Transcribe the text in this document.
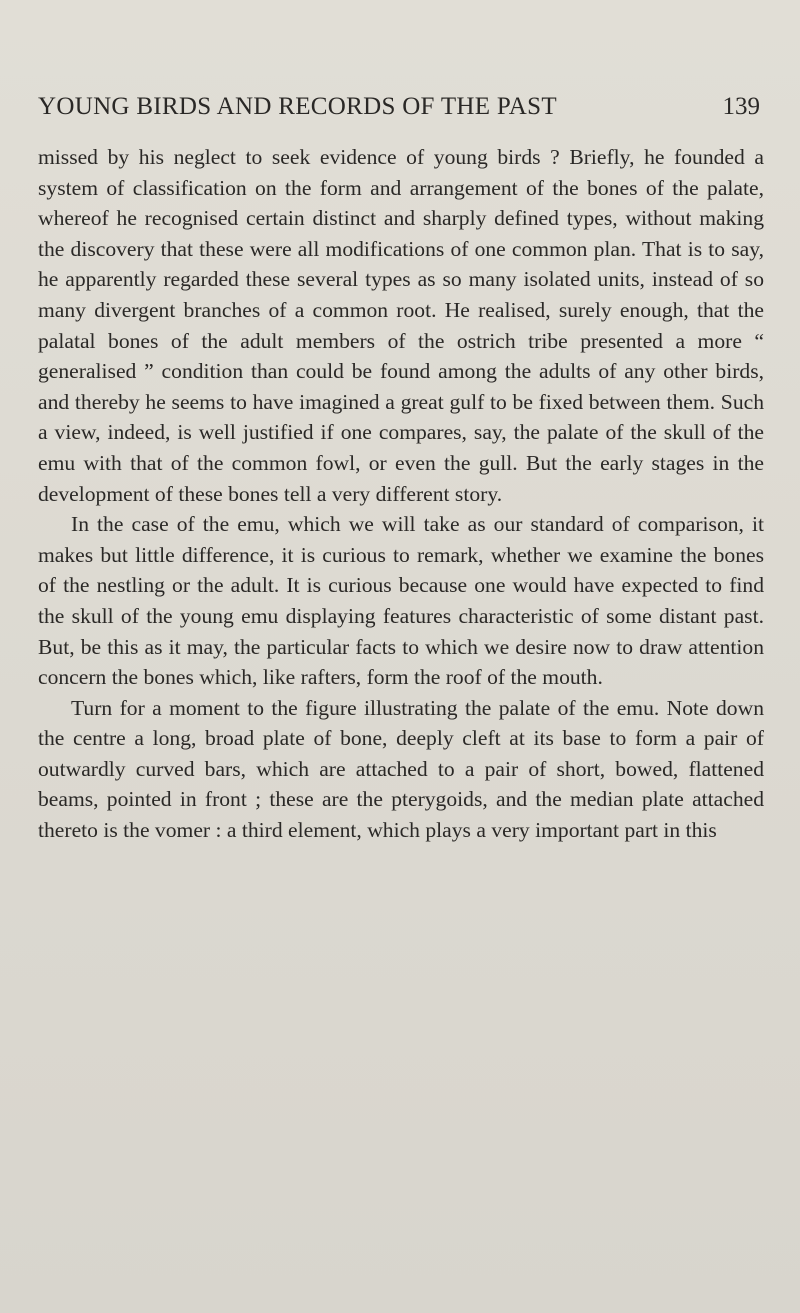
YOUNG BIRDS AND RECORDS OF THE PAST	139

missed by his neglect to seek evidence of young birds ? Briefly, he founded a system of classification on the form and arrangement of the bones of the palate, whereof he recognised certain distinct and sharply defined types, without making the discovery that these were all modifications of one common plan. That is to say, he apparently regarded these several types as so many isolated units, instead of so many divergent branches of a common root. He realised, surely enough, that the palatal bones of the adult members of the ostrich tribe presented a more “ generalised ” condition than could be found among the adults of any other birds, and thereby he seems to have imagined a great gulf to be fixed between them. Such a view, indeed, is well justified if one compares, say, the palate of the skull of the emu with that of the common fowl, or even the gull. But the early stages in the development of these bones tell a very different story.

In the case of the emu, which we will take as our standard of comparison, it makes but little difference, it is curious to remark, whether we examine the bones of the nestling or the adult. It is curious because one would have expected to find the skull of the young emu displaying features characteristic of some distant past. But, be this as it may, the particular facts to which we desire now to draw attention concern the bones which, like rafters, form the roof of the mouth.

Turn for a moment to the figure illustrating the palate of the emu. Note down the centre a long, broad plate of bone, deeply cleft at its base to form a pair of outwardly curved bars, which are attached to a pair of short, bowed, flattened beams, pointed in front ; these are the pterygoids, and the median plate attached thereto is the vomer : a third element, which plays a very important part in this
